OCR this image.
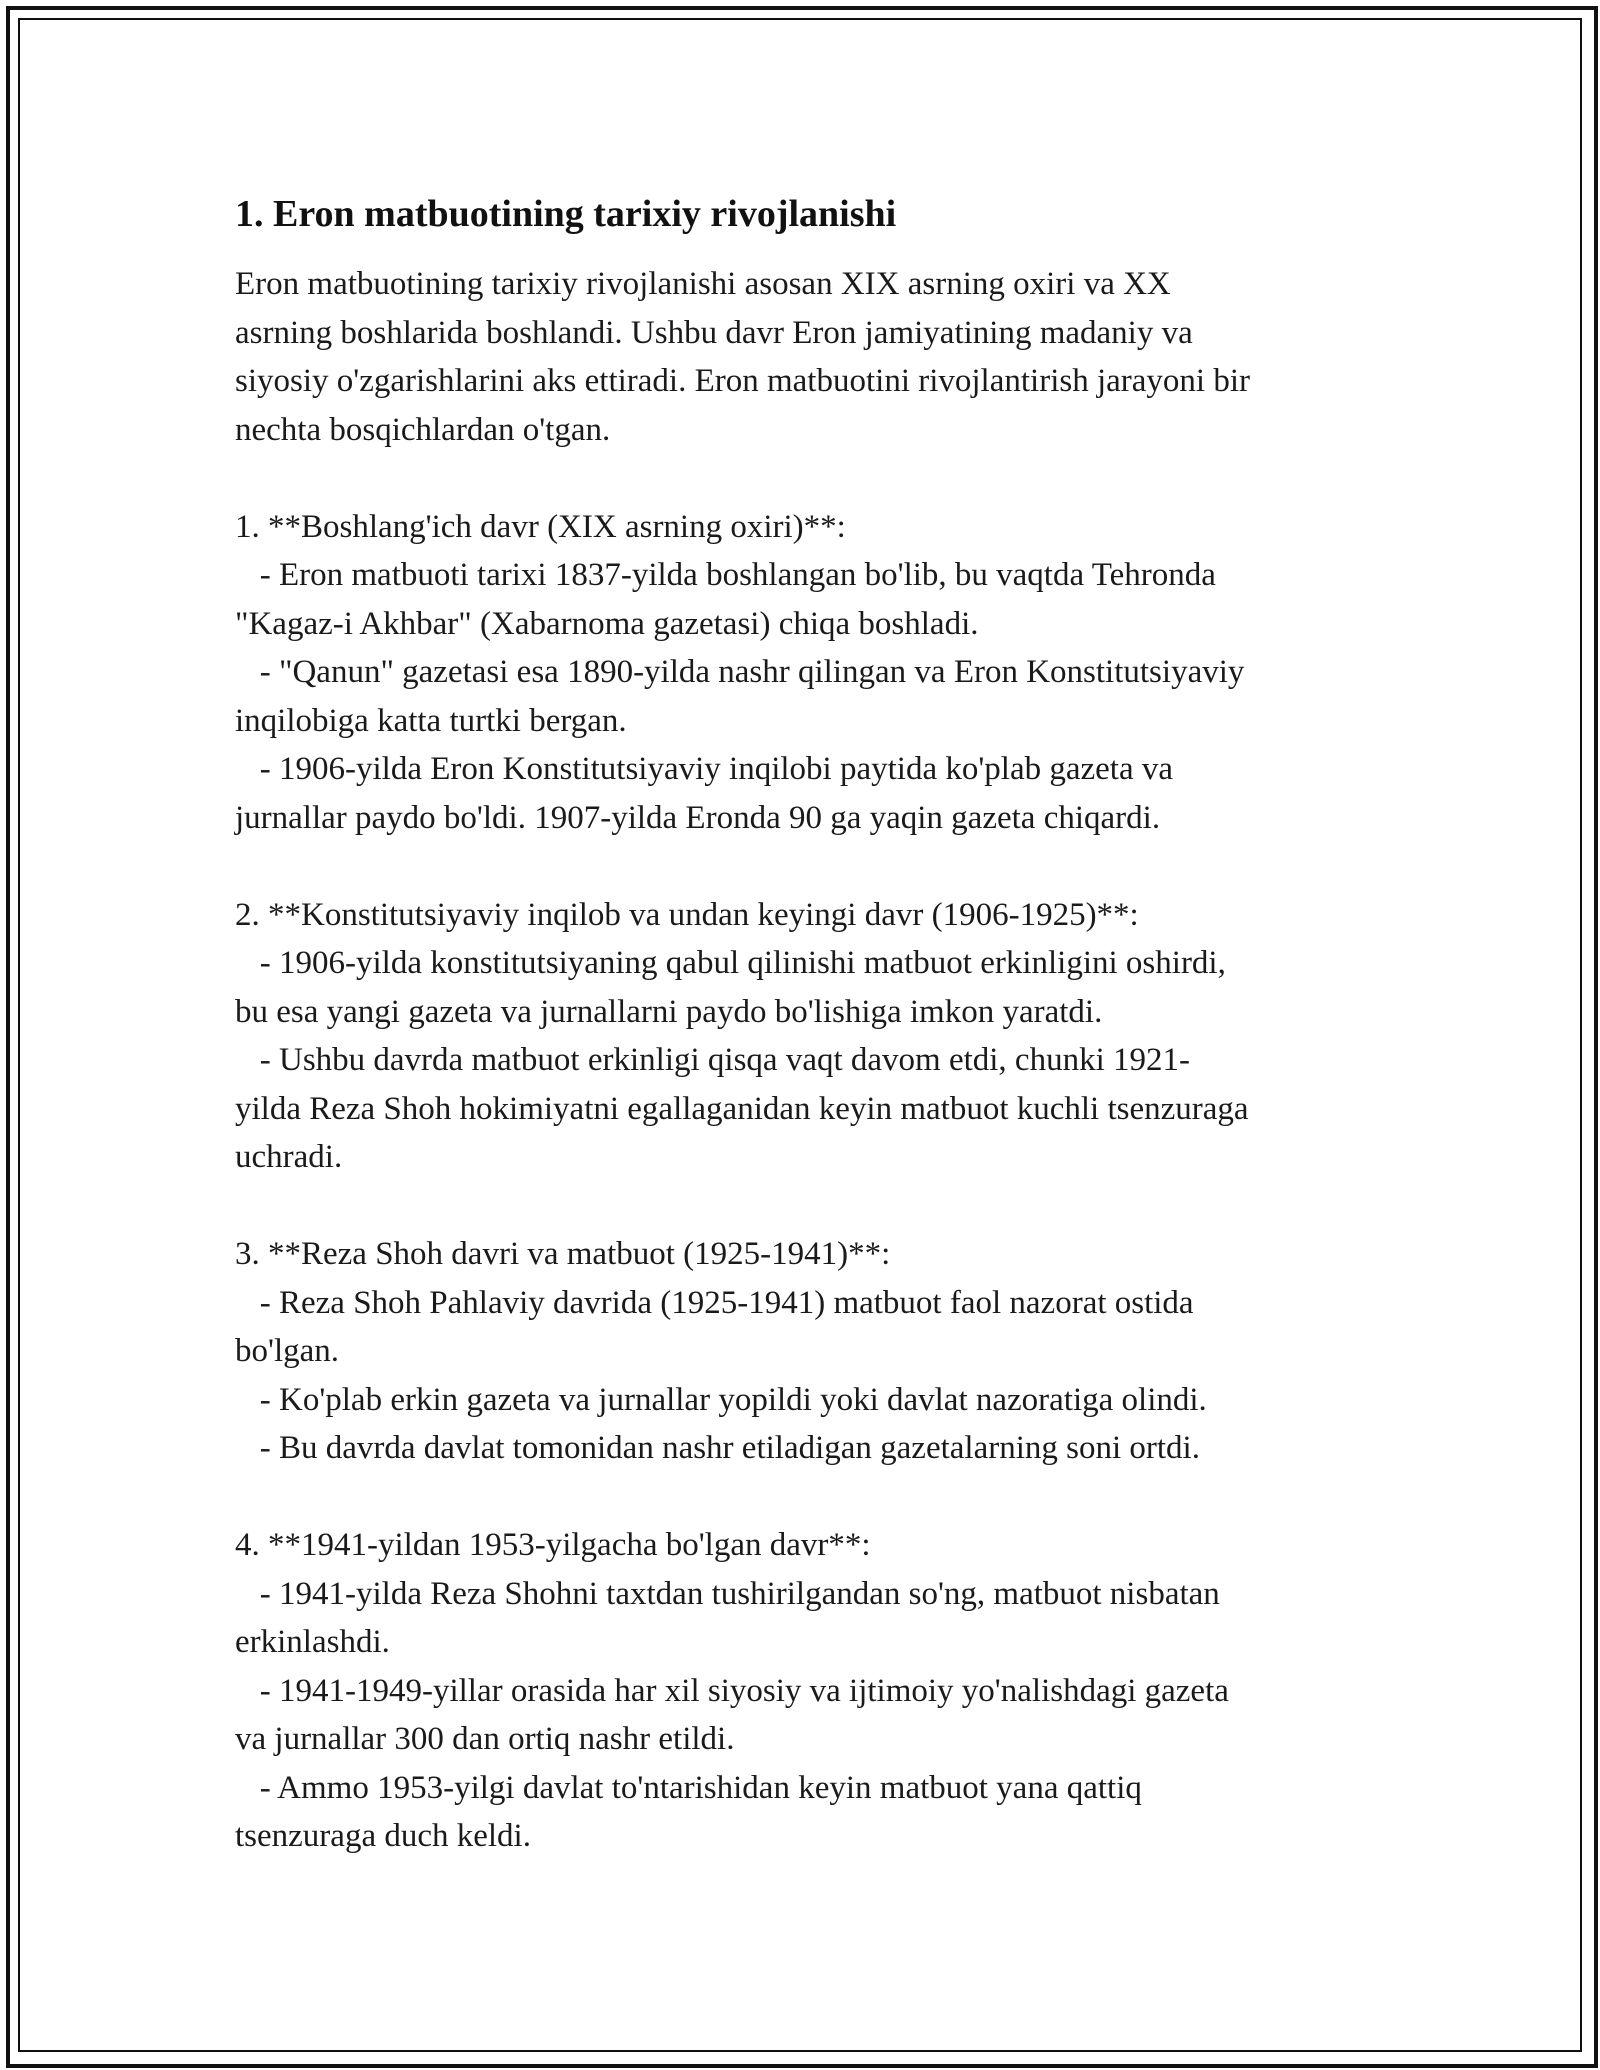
1. Eron matbuotining tarixiy rivojlanishi

Eron matbuotining tarixiy rivojlanishi asosan XIX asrning oxiri va XX
asrning boshlarida boshlandi. Ushbu davr Eron jamiyatining madaniy va
siyosiy o'zgarishlarini aks ettiradi. Eron matbuotini rivojlantirish jarayoni bir
nechta bosqichlardan o'tgan.

1. **Boshlang'ich davr (XIX asrning oxiri)**:
- Eron matbuoti tarixi 1837-yilda boshlangan bo'lib, bu vaqtda Tehronda
"Kagaz-i Akhbar" (Xabarnoma gazetasi) chiqa boshladi.
- "Qanun" gazetasi esa 1890-yilda nashr qilingan va Eron Konstitutsiyaviy
inqilobiga katta turtki bergan.
- 1906-yilda Eron Konstitutsiyaviy inqilobi paytida ko'plab gazeta va
jurnallar paydo bo'ldi. 1907-yilda Eronda 90 ga yaqin gazeta chiqardi.

2. **Konstitutsiyaviy inqilob va undan keyingi davr (1906-1925)**:
- 1906-yilda konstitutsiyaning qabul qilinishi matbuot erkinligini oshirdi,
bu esa yangi gazeta va jurnallarni paydo bo'lishiga imkon yaratdi.
- Ushbu davrda matbuot erkinligi qisqa vaqt davom etdi, chunki 1921-
yilda Reza Shoh hokimiyatni egallaganidan keyin matbuot kuchli tsenzuraga
uchradi.

3. **Reza Shoh davri va matbuot (1925-1941)**:
- Reza Shoh Pahlaviy davrida (1925-1941) matbuot faol nazorat ostida
bo'lgan.
- Ko'plab erkin gazeta va jurnallar yopildi yoki davlat nazoratiga olindi.
- Bu davrda davlat tomonidan nashr etiladigan gazetalarning soni ortdi.

4. **1941-yildan 1953-yilgacha bo'lgan davr**:
- 1941-yilda Reza Shohni taxtdan tushirilgandan so'ng, matbuot nisbatan
erkinlashdi.
- 1941-1949-yillar orasida har xil siyosiy va ijtimoiy yo'nalishdagi gazeta
va jurnallar 300 dan ortiq nashr etildi.
- Ammo 1953-yilgi davlat to'ntarishidan keyin matbuot yana qattiq
tsenzuraga duch keldi.
